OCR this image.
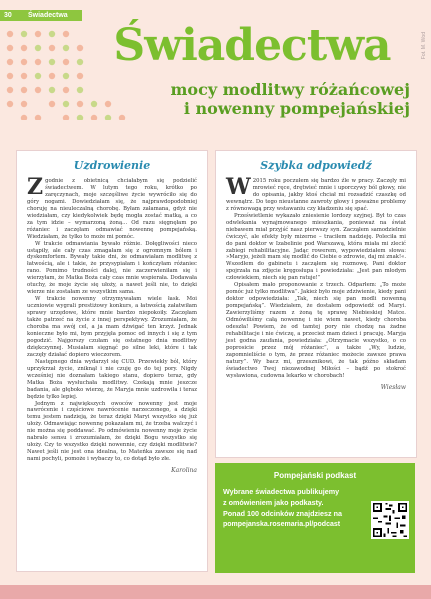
Świadectwa
30
Fot. M. Wod
Świadectwa
mocy modlitwy różańcowej
i nowenny pompejańskiej
Uzdrowienie

Zgodnie z obietnicą chciałabym się podzielić świadectwem. W lutym tego roku, krótko po zaręczynach, moje szczęśliwe życie wywróciło się do góry nogami. Dowiedziałam się, że najprawdopodobniej choruję na nieuleczalną chorobę. Byłam załamana, gdyż nie wiedziałam, czy kiedykolwiek będę mogła zostać matką, a co za tym idzie – wymarzoną żoną... Od razu sięgnęłam po różaniec i zaczęłam odmawiać nowennę pompejańską. Wiedziałam, że tylko to może mi pomóc.

W trakcie odmawiania bywało różnie. Dołęgliwości nieco ustąpiły, ale cały czas zmagałam się z ogromnym bólem i dyskomfortem. Bywały takie dni, że odmawiałam modlitwę z łatwością, ale i takie, że przysypiałam i kończyłam różaniec rano. Pomimo trudności dalej, nie zaczerwieniłam się i wierzyłam, że Matka Boża cały czas mnie wspierała. Dodawała otuchy, że moje życie się ułoży, a nawet jeśli nie, to dzięki wierze nie zostałam ze wszystkim sama.

W trakcie nowenny otrzymywałam wiele łask. Moi uczniowie wygrali prestiżowy konkurs, a łatwością załatwiłam sprawy urzędowe, które mnie bardzo niepokoiły. Zaczęłam także patrzeć na życie z innej perspektywy. Zrozumiałam, że choroba ma swój cel, a ja mam dźwigać ten krzyż. Jednak konieczne było mi, bym przyjęła pomoc od innych i się z tym pogodzić. Najgorszy czułam się ostatnego dnia modlitwy dziękczynnej. Musiałam sięgnąć po silne leki, które i tak zaczęły działać dopiero wieczorem.

Następnego dnia wydarzył się CUD. Przewiekły ból, który uprzykrzał życie, zniknął i nie czuję go do tej pory. Nigdy wcześniej nie doznałam takiego stanu, dopiero teraz, gdy Matka Boża wysłuchała modlitwy. Czekają mnie jeszcze badania, ale głęboko wierzę, że Maryja mnie uzdrowiła i teraz będzie tylko lepiej.

Jednym z największych owoców nowenny jest moje nawrócenie i częściowe nawrócenie narzeczonego, a dzięki temu jestem nadzieją, że teraz dzięki Maryi wszystko się już ułoży. Odmawiając nowennę pokazałam mi, że trzeba walczyć i nie można się poddawać. Po odmówieniu nowenny moje życie nabrało sensu i zrozumiałam, że dzięki Bogu wszystko się ułoży. Czy to wszystko dzięki nowennie, czy dzięki modlitwie? Nawet jeśli nie jest ona idealna, to Mateńka zawsze się nad nami pochyli, pomoże i wybaczy to, co dotąd było złe.

Karolina
Szybka odpowiedź

W 2015 roku poczułem się bardzo źle w pracy. Zaczęły mi mrowieć ręce, drętwieć mnie i uporczywy ból głowy, nie do opisania, jakby ktoś chciał mi rozsadzić czaszkę od wewnątrz. Do tego nieustanne zawroty głowy i poważne problemy z równowagą przy wstawaniu czy kładzeniu się spać.

Prześwietlenie wykazało zniesienie lordozy szyjnej. Był to czas odwlekania wynajmowanego mieszkania, ponieważ na świat niebawem miał przyjść nasz pierwszy syn. Zacząłem samodzielnie ćwiczyć, ale efekty były mizerne – traciłem nadzieję. Poleciła mi do pani doktor w Izabelinie pod Warszawą, która miała mi zlecić zabiegi rehabilitacyjne. Jadąc rowerem, wypowiedziałem słowa: »Maryjo, jeżeli mam się modlić do Ciebie o zdrowie, daj mi znak!«. Wszedłem do gabinetu i zacząłem się rozmowę. Pani doktor spojrzała na zdjęcie kręgosłupa i powiedziała: „Jest pan młodym człowiekiem, niech się pan ratuje!”

Opisałem mało proponowanie z trzech. Odparłem: „To może pomóc już tylko modlitwa”. Jakież było moje zdziwienie, kiedy pani doktor odpowiedziała: „Tak, niech się pan modli nowenną pompejańską”. Wiedziałem, że dostałem odpowiedź od Maryi. Zawierzyliśmy razem z żoną tę sprawę Niebieskiej Matce. Odmówiliśmy całą nowennę i nie wiem nawet, kiedy choroba odeszła! Powiem, że od tamtej pory nie chodzę na żadne rehabilitacje i nie ćwiczę, a przecież mam dzieci i pracuję. Maryja jest godna zaufania, powiedziała: „Otrzymacie wszystko, o co poprosicie przez mój różaniec”, a także „Wy, ludzie, zapomnieliście o tym, że przez różaniec możecie zawsze prawa natury”. Wy bacz mi, grzesznikowi, że tak późno składam świadectwo Twej niezawodnej Miłości – bądź po stokroć wysławiona, cudowna lekarko w chorobach!

Wiesław
Pompejański podkast
Wybrane świadectwa publikujemy
z omówieniem jako podkasty.
Ponad 100 odcinków znajdziesz na
pompejanska.rosemaria.pl/podcast
